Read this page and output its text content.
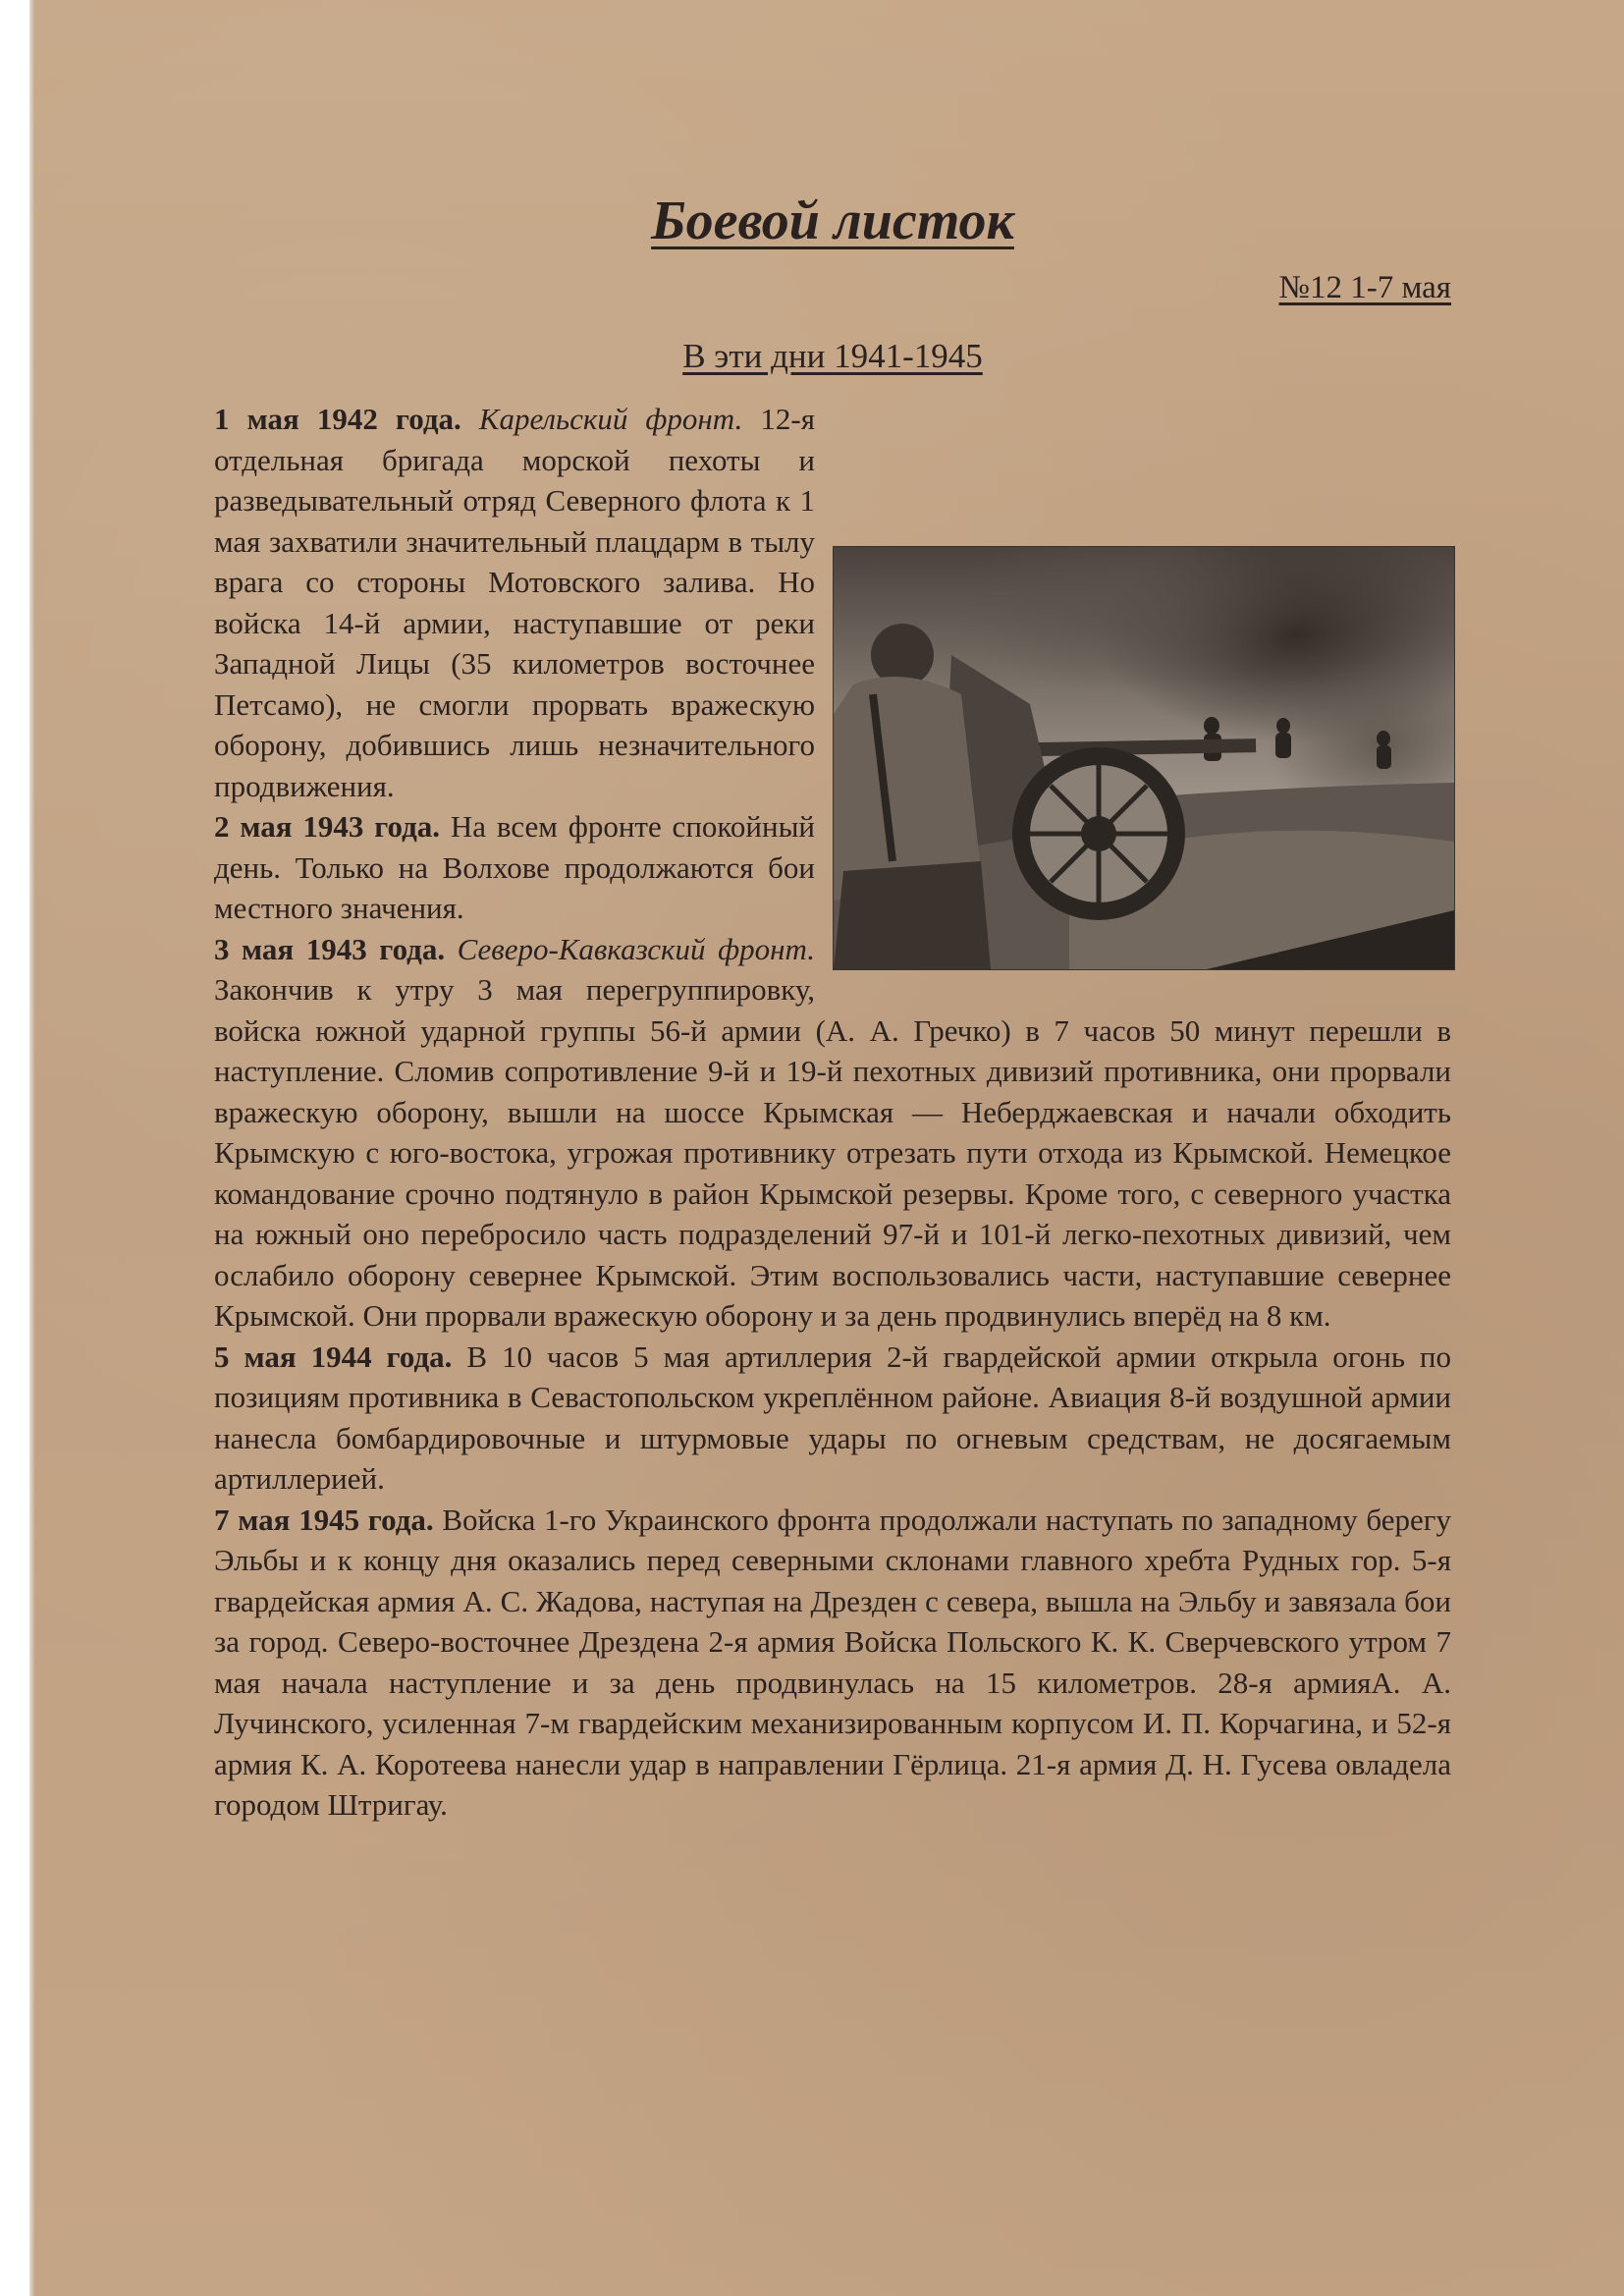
Боевой листок
№12 1-7 мая
В эти дни 1941-1945

1 мая 1942 года. Карельский фронт. 12-я отдельная бригада морской пехоты и разведывательный отряд Северного флота к 1 мая захватили значительный плацдарм в тылу врага со стороны Мотовского залива. Но войска 14-й армии, наступавшие от реки Западной Лицы (35 километров восточнее Петсамо), не смогли прорвать вражескую оборону, добившись лишь незначительного продвижения.

2 мая 1943 года. На всем фронте спокойный день. Только на Волхове продолжаются бои местного значения.

3 мая 1943 года. Северо-Кавказский фронт. Закончив к утру 3 мая перегруппировку, войска южной ударной группы 56-й армии (А. А. Гречко) в 7 часов 50 минут перешли в наступление. Сломив сопротивление 9-й и 19-й пехотных дивизий противника, они прорвали вражескую оборону, вышли на шоссе Крымская — Неберджаевская и начали обходить Крымскую с юго-востока, угрожая противнику отрезать пути отхода из Крымской. Немецкое командование срочно подтянуло в район Крымской резервы. Кроме того, с северного участка на южный оно перебросило часть подразделений 97-й и 101-й легко-пехотных дивизий, чем ослабило оборону севернее Крымской. Этим воспользовались части, наступавшие севернее Крымской. Они прорвали вражескую оборону и за день продвинулись вперёд на 8 км.

5 мая 1944 года. В 10 часов 5 мая артиллерия 2-й гвардейской армии открыла огонь по позициям противника в Севастопольском укреплённом районе. Авиация 8-й воздушной армии нанесла бомбардировочные и штурмовые удары по огневым средствам, не досягаемым артиллерией.

7 мая 1945 года. Войска 1-го Украинского фронта продолжали наступать по западному берегу Эльбы и к концу дня оказались перед северными склонами главного хребта Рудных гор. 5-я гвардейская армия А. С. Жадова, наступая на Дрезден с севера, вышла на Эльбу и завязала бои за город. Северо-восточнее Дрездена 2-я армия Войска Польского К. К. Сверчевского утром 7 мая начала наступление и за день продвинулась на 15 километров. 28-я армияА. А. Лучинского, усиленная 7-м гвардейским механизированным корпусом И. П. Корчагина, и 52-я армия К. А. Коротеева нанесли удар в направлении Гёрлица. 21-я армия Д. Н. Гусева овладела городом Штригау.
